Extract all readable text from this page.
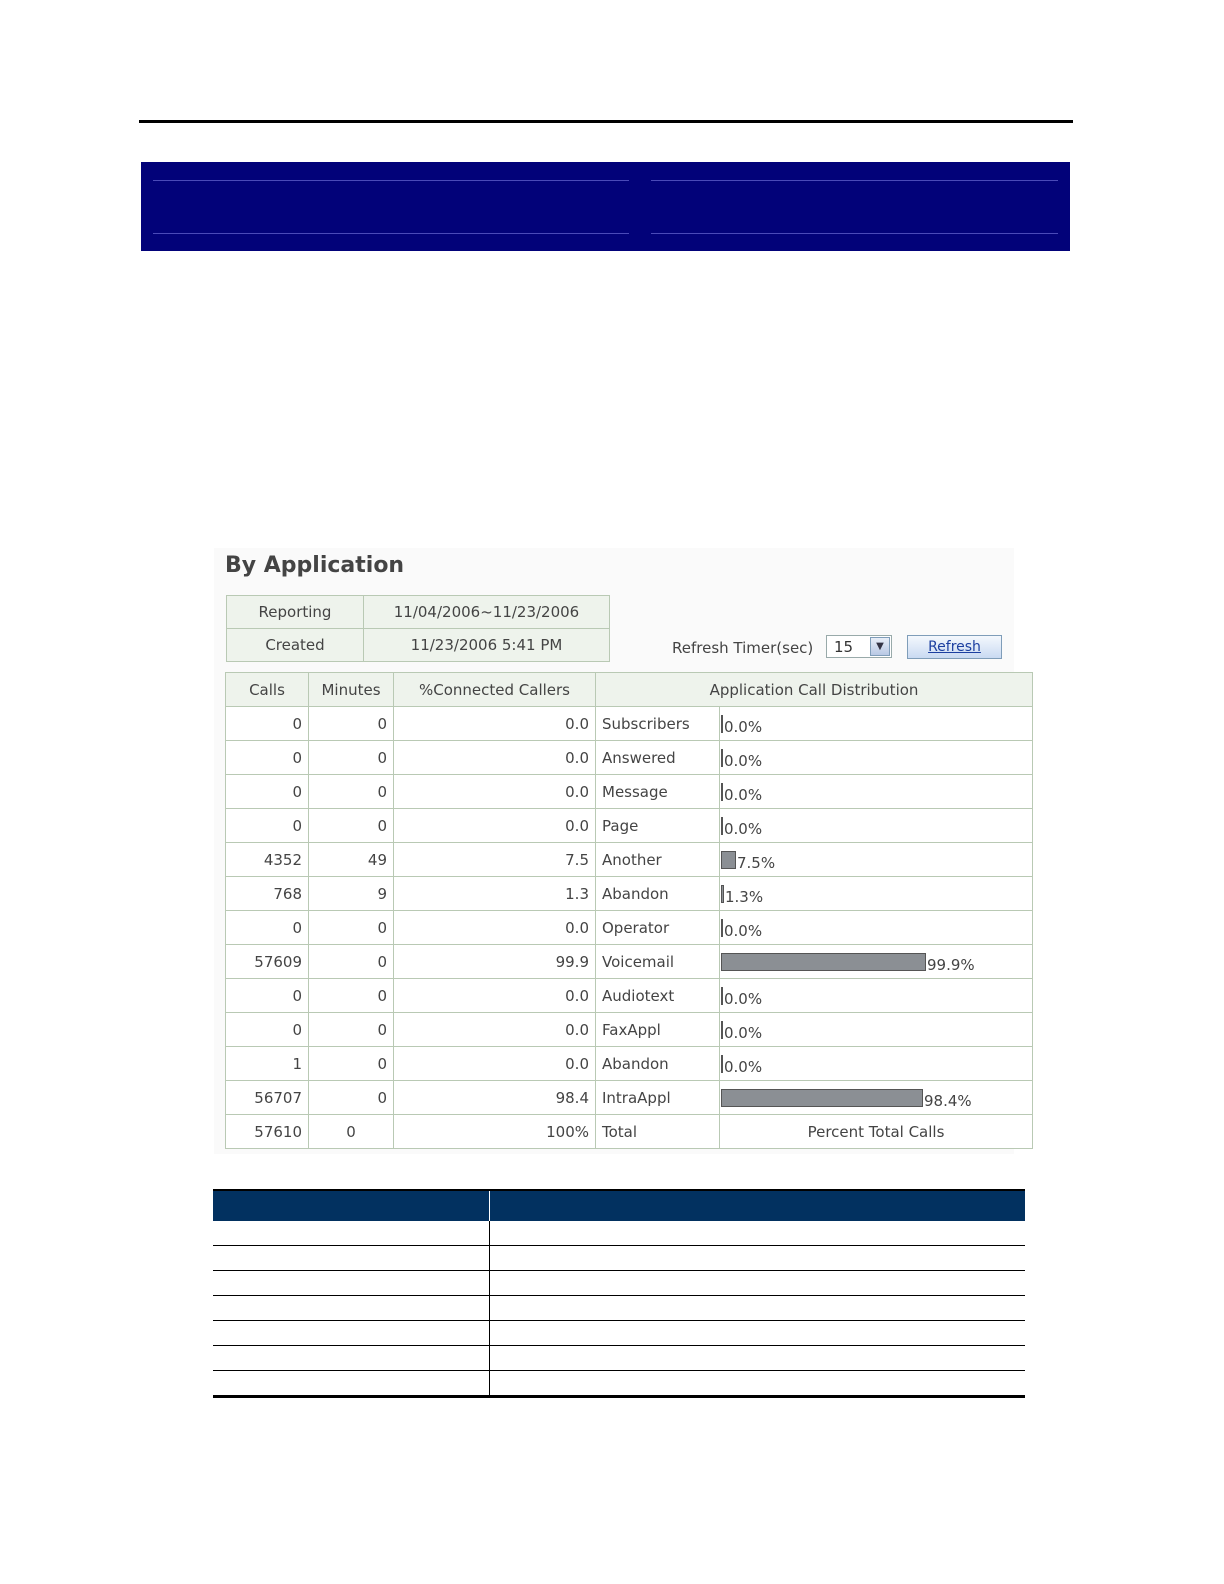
By Application
Reporting	11/04/2006~11/23/2006
Created	11/23/2006 5:41 PM	Refresh Timer(sec) 15	▼	Refresh
Calls	Minutes	%Connected Callers	Application Call Distribution	
0	0	0.0	Subscribers	0.0%
0	0	0.0	Answered	0.0%
0	0	0.0	Message	0.0%
0	0	0.0	Page	0.0%
4352	49	7.5	Another	7.5%
768	9	1.3	Abandon	1.3%
0	0	0.0	Operator	0.0%
57609	0	99.9	Voicemail	99.9%
0	0	0.0	Audiotext	0.0%
0	0	0.0	FaxAppl	0.0%
1	0	0.0	Abandon	0.0%
56707	0	98.4	IntraAppl	98.4%
57610	0	100%	Total	Percent Total Calls
